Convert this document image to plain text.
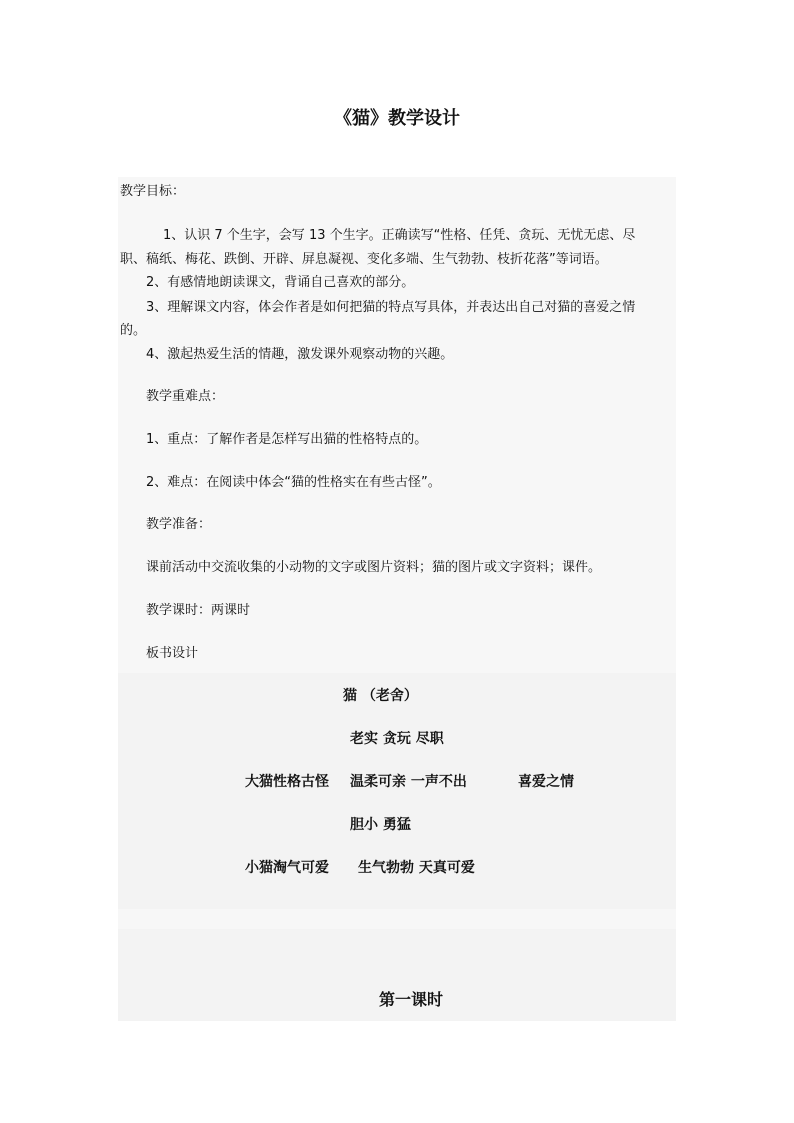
《猫》教学设计
教学目标：
1、认识 7 个生字，会写 13 个生字。正确读写“性格、任凭、贪玩、无忧无虑、尽
职、稿纸、梅花、跌倒、开辟、屏息凝视、变化多端、生气勃勃、枝折花落”等词语。
2、有感情地朗读课文，背诵自己喜欢的部分。
3、理解课文内容，体会作者是如何把猫的特点写具体，并表达出自己对猫的喜爱之情
的。
4、激起热爱生活的情趣，激发课外观察动物的兴趣。
教学重难点：
1、重点：了解作者是怎样写出猫的性格特点的。
2、难点：在阅读中体会“猫的性格实在有些古怪”。
教学准备：
课前活动中交流收集的小动物的文字或图片资料；猫的图片或文字资料；课件。
教学课时：两课时
板书设计
猫 （老舍）
老实 贪玩 尽职
大猫性格古怪 温柔可亲 一声不出	喜爱之情
胆小 勇猛
小猫淘气可爱 生气勃勃 天真可爱
第一课时
